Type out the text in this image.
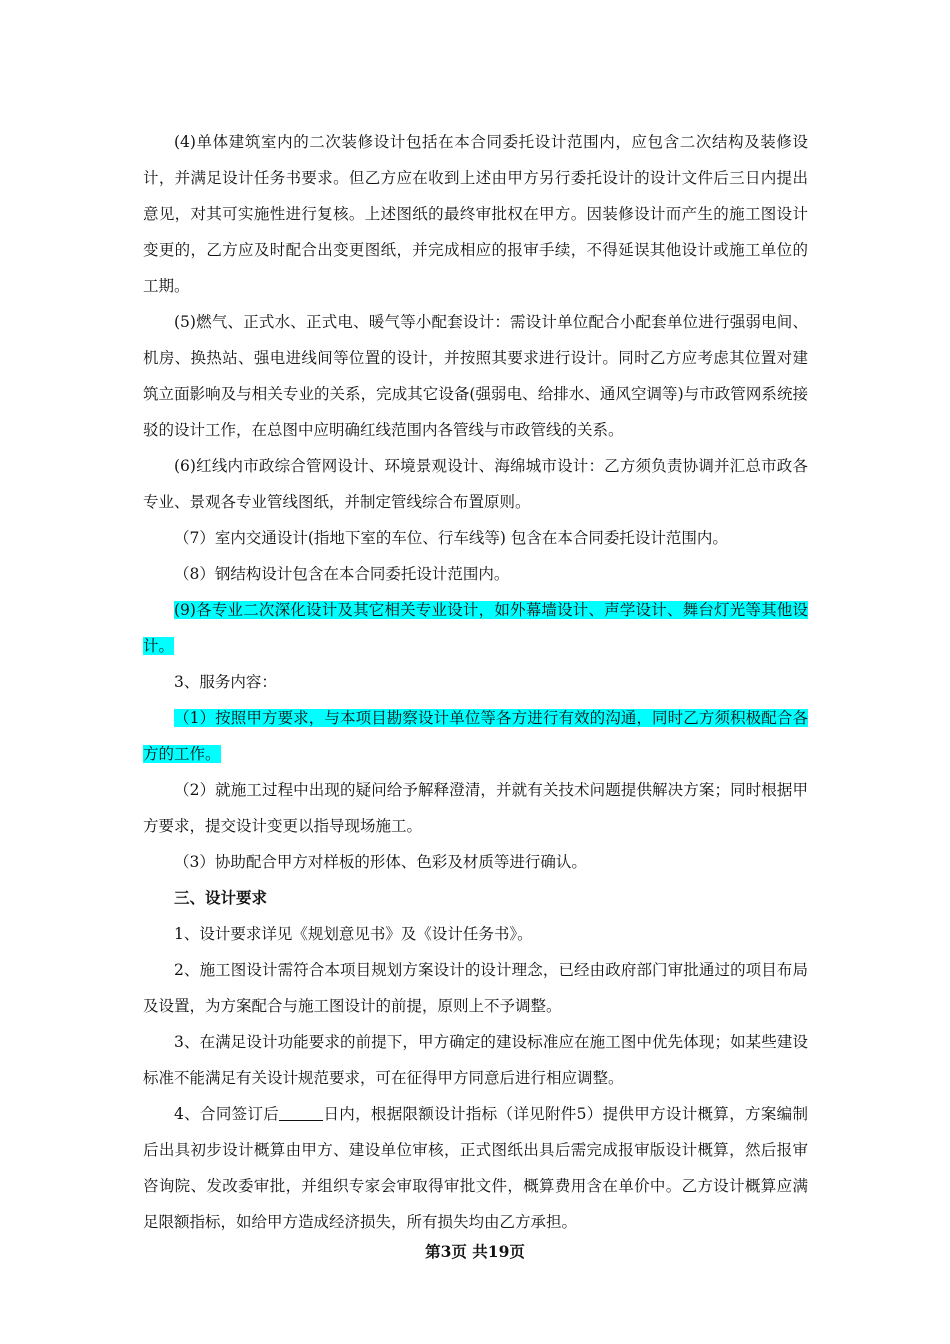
(4)单体建筑室内的二次装修设计包括在本合同委托设计范围内，应包含二次结构及装修设计，并满足设计任务书要求。但乙方应在收到上述由甲方另行委托设计的设计文件后三日内提出意见，对其可实施性进行复核。上述图纸的最终审批权在甲方。因装修设计而产生的施工图设计变更的，乙方应及时配合出变更图纸，并完成相应的报审手续，不得延误其他设计或施工单位的工期。

(5)燃气、正式水、正式电、暖气等小配套设计：需设计单位配合小配套单位进行强弱电间、机房、换热站、强电进线间等位置的设计，并按照其要求进行设计。同时乙方应考虑其位置对建筑立面影响及与相关专业的关系，完成其它设备(强弱电、给排水、通风空调等)与市政管网系统接驳的设计工作，在总图中应明确红线范围内各管线与市政管线的关系。

(6)红线内市政综合管网设计、环境景观设计、海绵城市设计：乙方须负责协调并汇总市政各专业、景观各专业管线图纸，并制定管线综合布置原则。

（7）室内交通设计(指地下室的车位、行车线等) 包含在本合同委托设计范围内。

（8）钢结构设计包含在本合同委托设计范围内。

(9)各专业二次深化设计及其它相关专业设计，如外幕墙设计、声学设计、舞台灯光等其他设计。

3、服务内容：

（1）按照甲方要求，与本项目勘察设计单位等各方进行有效的沟通，同时乙方须积极配合各方的工作。

（2）就施工过程中出现的疑问给予解释澄清，并就有关技术问题提供解决方案；同时根据甲方要求，提交设计变更以指导现场施工。

（3）协助配合甲方对样板的形体、色彩及材质等进行确认。

三、设计要求

1、设计要求详见《规划意见书》及《设计任务书》。

2、施工图设计需符合本项目规划方案设计的设计理念，已经由政府部门审批通过的项目布局及设置，为方案配合与施工图设计的前提，原则上不予调整。

3、在满足设计功能要求的前提下，甲方确定的建设标准应在施工图中优先体现；如某些建设标准不能满足有关设计规范要求，可在征得甲方同意后进行相应调整。

4、合同签订后	日内，根据限额设计指标（详见附件5）提供甲方设计概算，方案编制后出具初步设计概算由甲方、建设单位审核，正式图纸出具后需完成报审版设计概算，然后报审咨询院、发改委审批，并组织专家会审取得审批文件，概算费用含在单价中。乙方设计概算应满足限额指标，如给甲方造成经济损失，所有损失均由乙方承担。

第3页 共19页
